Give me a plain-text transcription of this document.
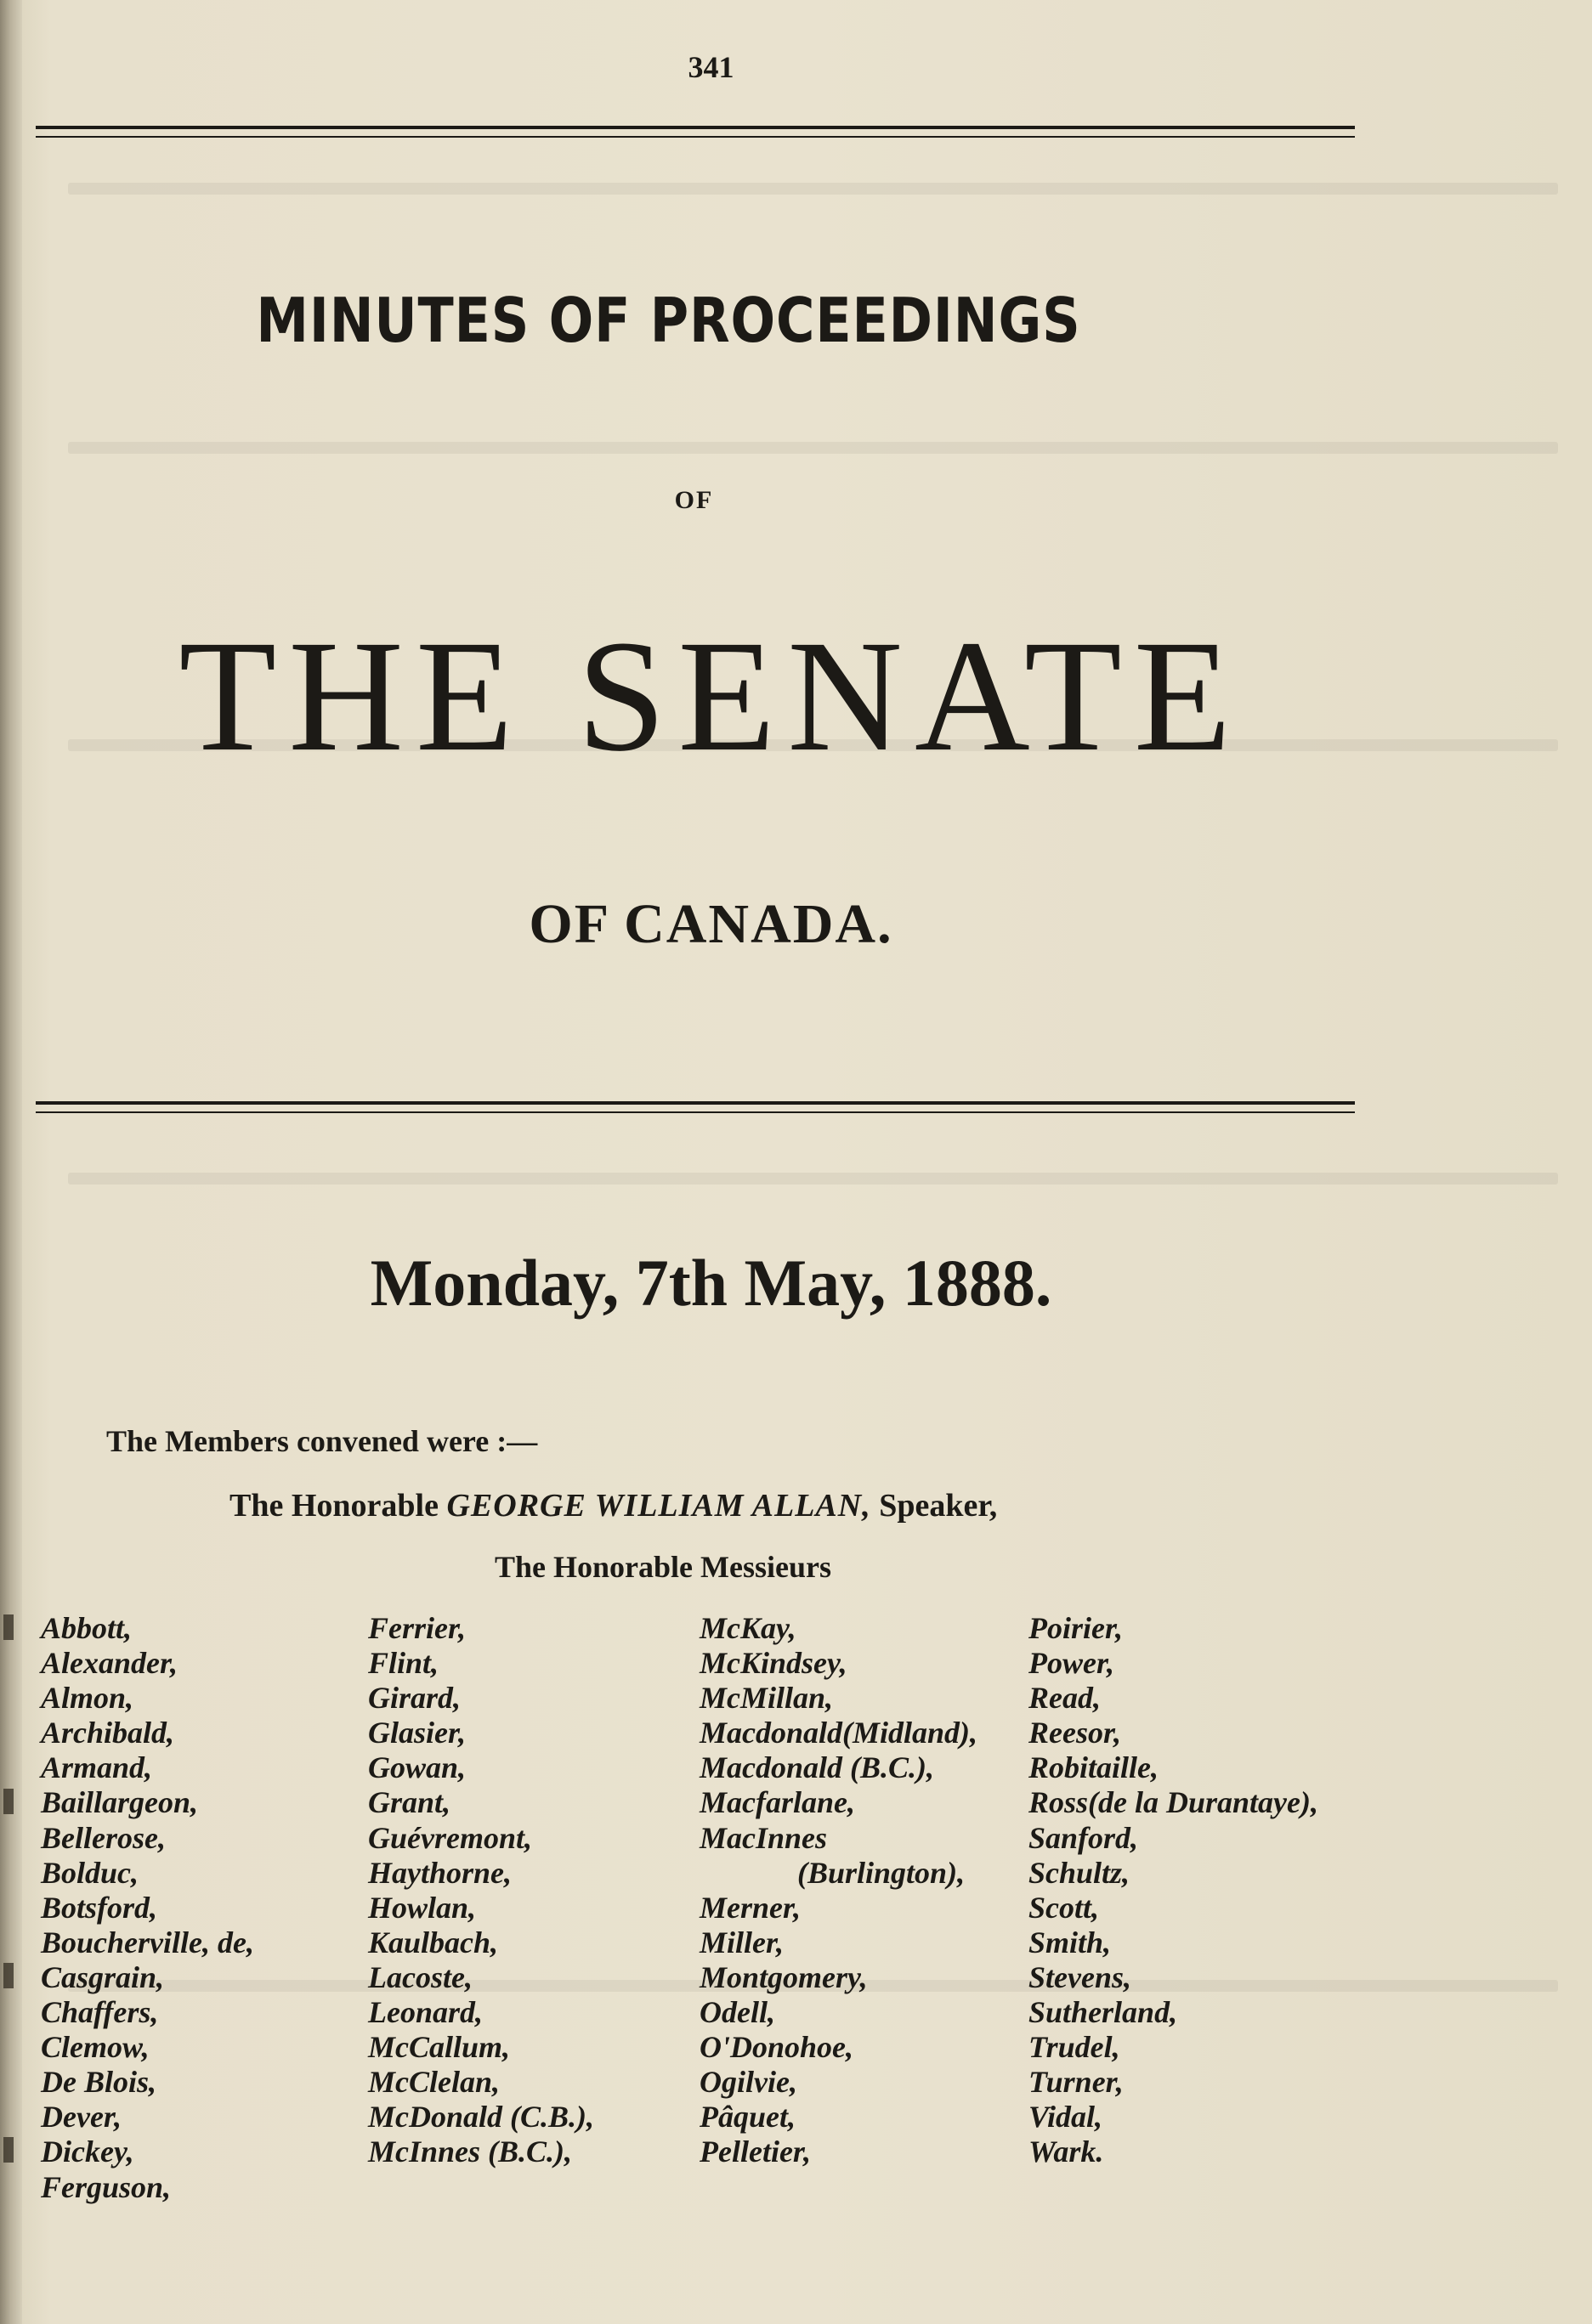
341
MINUTES OF PROCEEDINGS
OF
THE SENATE
OF CANADA.
Monday, 7th May, 1888.
The Members convened were :—
The Honorable GEORGE WILLIAM ALLAN, Speaker,
The Honorable Messieurs
Abbott,
Alexander,
Almon,
Archibald,
Armand,
Baillargeon,
Bellerose,
Bolduc,
Botsford,
Boucherville, de,
Casgrain,
Chaffers,
Clemow,
De Blois,
Dever,
Dickey,
Ferguson,
Ferrier,
Flint,
Girard,
Glasier,
Gowan,
Grant,
Guévremont,
Haythorne,
Howlan,
Kaulbach,
Lacoste,
Leonard,
McCallum,
McClelan,
McDonald (C.B.),
McInnes (B.C.),
McKay,
McKindsey,
McMillan,
Macdonald(Midland),
Macdonald (B.C.),
Macfarlane,
MacInnes
(Burlington),
Merner,
Miller,
Montgomery,
Odell,
O'Donohoe,
Ogilvie,
Pâquet,
Pelletier,
Poirier,
Power,
Read,
Reesor,
Robitaille,
Ross(de la Durantaye),
Sanford,
Schultz,
Scott,
Smith,
Stevens,
Sutherland,
Trudel,
Turner,
Vidal,
Wark.
